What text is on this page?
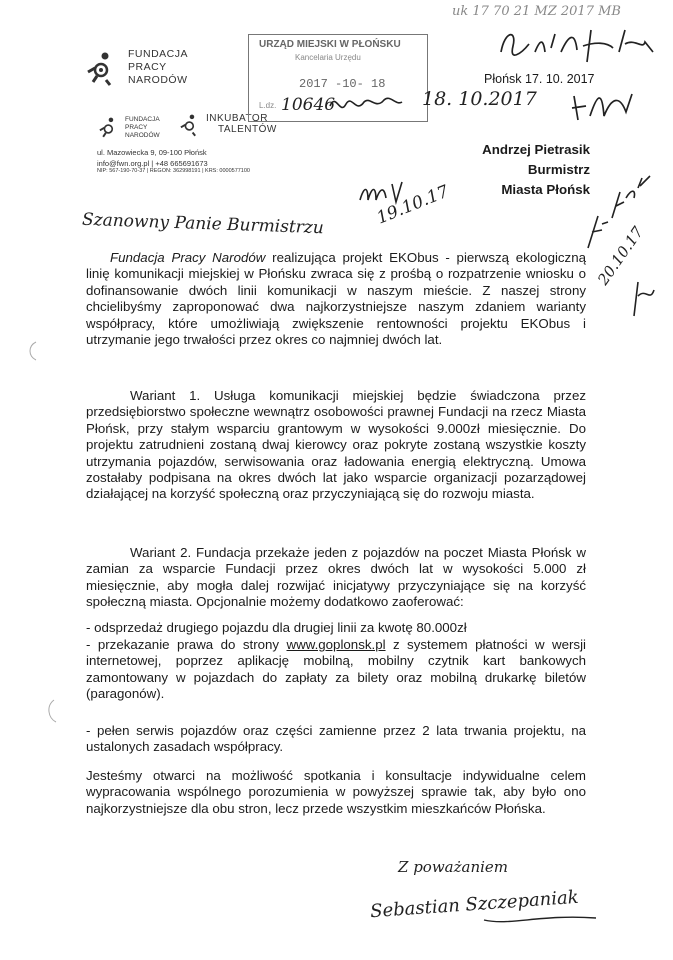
uk 17 70 21 MZ 2017 MB
FUNDACJA
PRACY
NARODÓW
FUNDACJA
PRACY
NARODÓW
INKUBATOR
TALENTÓW
ul. Mazowiecka 9, 09-100 Płońsk
info@fwn.org.pl | +48 665691673
NIP: 567-190-70-37 | REGON: 362998191 | KRS: 0000577100
URZĄD MIEJSKI W PŁOŃSKU
Kancelaria Urzędu
2017 -10- 18
L.dz. 10646	18. 10.2017
Płońsk 17. 10. 2017
Andrzej Pietrasik
Burmistrz
Miasta Płońsk
19.10.17
20.10.17
Szanowny Panie Burmistrzu
Fundacja Pracy Narodów realizująca projekt EKObus - pierwszą ekologiczną linię komunikacji miejskiej w Płońsku zwraca się z prośbą o rozpatrzenie wniosku o dofinansowanie dwóch linii komunikacji w naszym mieście. Z naszej strony chcielibyśmy zaproponować dwa najkorzystniejsze naszym zdaniem warianty współpracy, które umożliwiają zwiększenie rentowności projektu EKObus i utrzymanie jego trwałości przez okres co najmniej dwóch lat.
Wariant 1. Usługa komunikacji miejskiej będzie świadczona przez przedsiębiorstwo społeczne wewnątrz osobowości prawnej Fundacji na rzecz Miasta Płońsk, przy stałym wsparciu grantowym w wysokości 9.000zł miesięcznie. Do projektu zatrudnieni zostaną dwaj kierowcy oraz pokryte zostaną wszystkie koszty utrzymania pojazdów, serwisowania oraz ładowania energią elektryczną. Umowa zostałaby podpisana na okres dwóch lat jako wsparcie organizacji pozarządowej działającej na korzyść społeczną oraz przyczyniającą się do rozwoju miasta.
Wariant 2. Fundacja przekaże jeden z pojazdów na poczet Miasta Płońsk w zamian za wsparcie Fundacji przez okres dwóch lat w wysokości 5.000 zł miesięcznie, aby mogła dalej rozwijać inicjatywy przyczyniające się na korzyść społeczną miasta. Opcjonalnie możemy dodatkowo zaoferować:
- odsprzedaż drugiego pojazdu dla drugiej linii za kwotę 80.000zł
- przekazanie prawa do strony www.goplonsk.pl z systemem płatności w wersji internetowej, poprzez aplikację mobilną, mobilny czytnik kart bankowych zamontowany w pojazdach do zapłaty za bilety oraz mobilną drukarkę biletów (paragonów).
- pełen serwis pojazdów oraz części zamienne przez 2 lata trwania projektu, na ustalonych zasadach współpracy.
Jesteśmy otwarci na możliwość spotkania i konsultacje indywidualne celem wypracowania wspólnego porozumienia w powyższej sprawie tak, aby było ono najkorzystniejsze dla obu stron, lecz przede wszystkim mieszkańców Płońska.
Z poważaniem
Sebastian Szczepaniak
